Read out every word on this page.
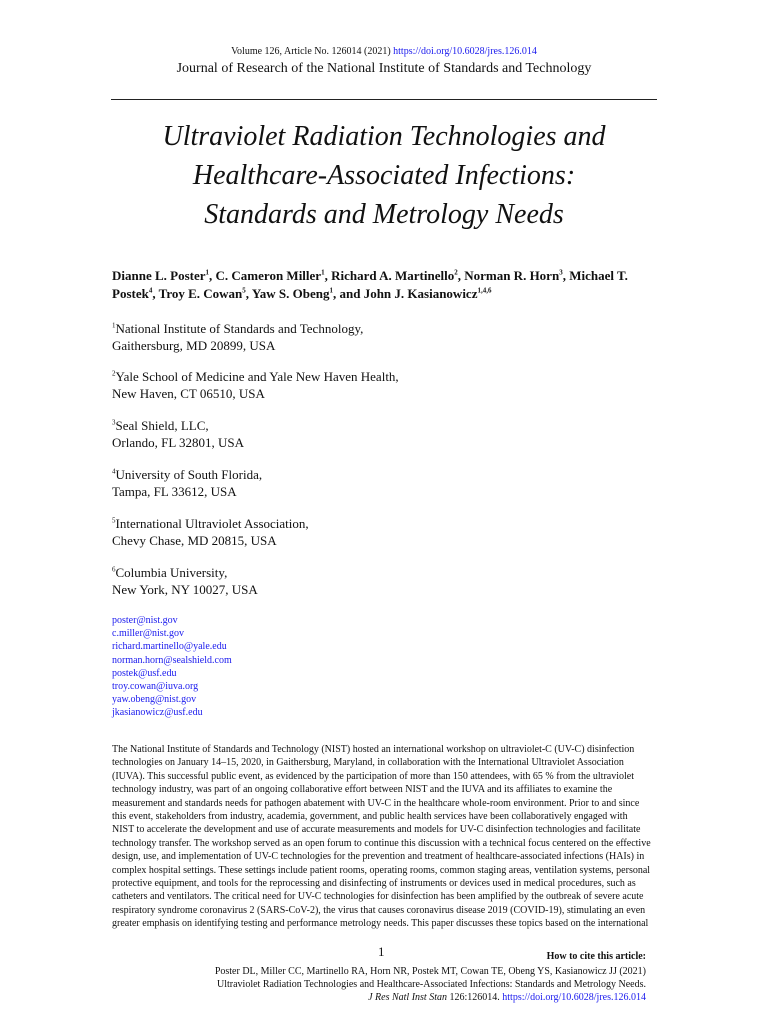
Volume 126, Article No. 126014 (2021) https://doi.org/10.6028/jres.126.014
Journal of Research of the National Institute of Standards and Technology
Ultraviolet Radiation Technologies and
Healthcare-Associated Infections:
Standards and Metrology Needs
Dianne L. Poster$^1$, C. Cameron Miller$^1$, Richard A. Martinello$^2$, Norman R. Horn$^3$, Michael T. Postek$^4$, Troy E. Cowan$^5$, Yaw S. Obeng$^1$, and John J. Kasianowicz$^{1,4,6}$
$^1$National Institute of Standards and Technology,
Gaithersburg, MD 20899, USA
$^2$Yale School of Medicine and Yale New Haven Health,
New Haven, CT 06510, USA
$^3$Seal Shield, LLC,
Orlando, FL 32801, USA
$^4$University of South Florida,
Tampa, FL 33612, USA
$^5$International Ultraviolet Association,
Chevy Chase, MD 20815, USA
$^6$Columbia University,
New York, NY 10027, USA
poster@nist.gov
c.miller@nist.gov
richard.martinello@yale.edu
norman.horn@sealshield.com
postek@usf.edu
troy.cowan@iuva.org
yaw.obeng@nist.gov
jkasianowicz@usf.edu
The National Institute of Standards and Technology (NIST) hosted an international workshop on ultraviolet-C (UV-C) disinfection
technologies on January 14–15, 2020, in Gaithersburg, Maryland, in collaboration with the International Ultraviolet Association
(IUVA). This successful public event, as evidenced by the participation of more than 150 attendees, with 65 % from the ultraviolet
technology industry, was part of an ongoing collaborative effort between NIST and the IUVA and its affiliates to examine the
measurement and standards needs for pathogen abatement with UV-C in the healthcare whole-room environment. Prior to and since
this event, stakeholders from industry, academia, government, and public health services have been collaboratively engaged with
NIST to accelerate the development and use of accurate measurements and models for UV-C disinfection technologies and facilitate
technology transfer. The workshop served as an open forum to continue this discussion with a technical focus centered on the effective
design, use, and implementation of UV-C technologies for the prevention and treatment of healthcare-associated infections (HAIs) in
complex hospital settings. These settings include patient rooms, operating rooms, common staging areas, ventilation systems, personal
protective equipment, and tools for the reprocessing and disinfecting of instruments or devices used in medical procedures, such as
catheters and ventilators. The critical need for UV-C technologies for disinfection has been amplified by the outbreak of severe acute
respiratory syndrome coronavirus 2 (SARS-CoV-2), the virus that causes coronavirus disease 2019 (COVID-19), stimulating an even
greater emphasis on identifying testing and performance metrology needs. This paper discusses these topics based on the international
1	How to cite this article:
Poster DL, Miller CC, Martinello RA, Horn NR, Postek MT, Cowan TE, Obeng YS, Kasianowicz JJ (2021)
Ultraviolet Radiation Technologies and Healthcare-Associated Infections: Standards and Metrology Needs.
J Res Natl Inst Stan 126:126014. https://doi.org/10.6028/jres.126.014
